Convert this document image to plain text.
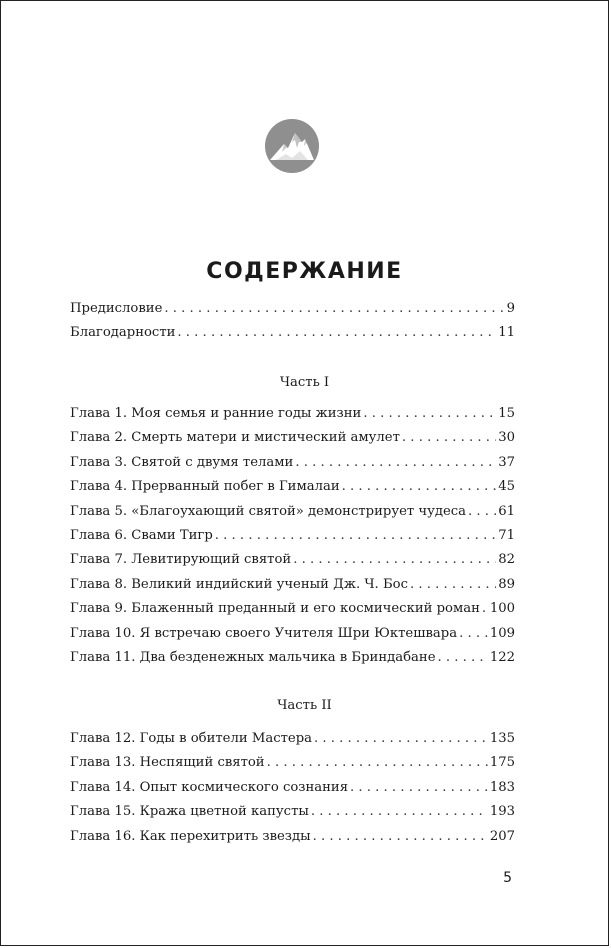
СОДЕРЖАНИЕ
Предисловие . . .	9
Благодарности . . .	11
Часть I
Глава 1. Моя семья и ранние годы жизни . . .	15
Глава 2. Смерть матери и мистический амулет . . .	30
Глава 3. Святой с двумя телами . . .	37
Глава 4. Прерванный побег в Гималаи . . .	45
Глава 5. «Благоухающий святой» демонстрирует чудеса . . . 61
Глава 6. Свами Тигр . . .	71
Глава 7. Левитирующий святой . . .	82
Глава 8. Великий индийский ученый Дж. Ч. Бос . . .	89
Глава 9. Блаженный преданный и его космический роман . . . 100
Глава 10. Я встречаю своего Учителя Шри Юктешвара . . . 109
Глава 11. Два безденежных мальчика в Бриндабане . . .	122
Часть II
Глава 12. Годы в обители Мастера . . .	135
Глава 13. Неспящий святой . . .	175
Глава 14. Опыт космического сознания . . .	183
Глава 15. Кража цветной капусты . . .	193
Глава 16. Как перехитрить звезды . . .	207
5
